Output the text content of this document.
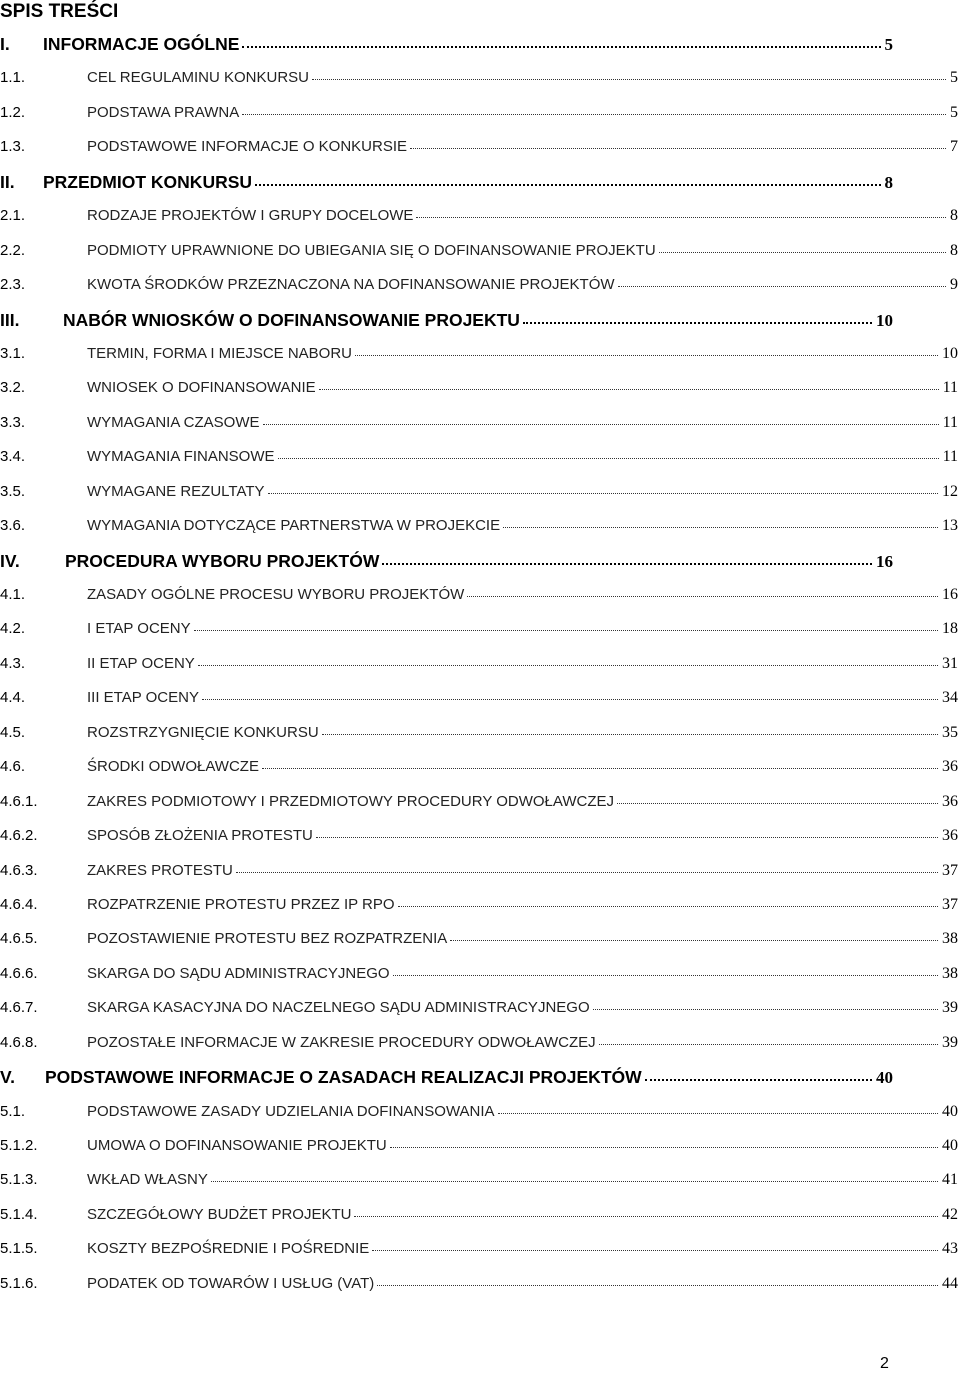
SPIS TREŚCI
I.	INFORMACJE OGÓLNE	5
1.1.	CEL REGULAMINU KONKURSU	5
1.2.	PODSTAWA PRAWNA	5
1.3.	PODSTAWOWE INFORMACJE O KONKURSIE	7
II.	PRZEDMIOT KONKURSU	8
2.1.	RODZAJE PROJEKTÓW I GRUPY DOCELOWE	8
2.2.	PODMIOTY UPRAWNIONE DO UBIEGANIA SIĘ O DOFINANSOWANIE PROJEKTU	8
2.3.	KWOTA ŚRODKÓW PRZEZNACZONA NA DOFINANSOWANIE PROJEKTÓW	9
III.	NABÓR WNIOSKÓW O DOFINANSOWANIE PROJEKTU	10
3.1.	TERMIN, FORMA I MIEJSCE NABORU	10
3.2.	WNIOSEK O DOFINANSOWANIE	11
3.3.	WYMAGANIA CZASOWE	11
3.4.	WYMAGANIA FINANSOWE	11
3.5.	WYMAGANE REZULTATY	12
3.6.	WYMAGANIA DOTYCZĄCE PARTNERSTWA W PROJEKCIE	13
IV.	PROCEDURA WYBORU PROJEKTÓW	16
4.1.	ZASADY OGÓLNE PROCESU WYBORU PROJEKTÓW	16
4.2.	I ETAP OCENY	18
4.3.	II ETAP OCENY	31
4.4.	III ETAP OCENY	34
4.5.	ROZSTRZYGNIĘCIE KONKURSU	35
4.6.	ŚRODKI ODWOŁAWCZE	36
4.6.1.	ZAKRES PODMIOTOWY I PRZEDMIOTOWY PROCEDURY ODWOŁAWCZEJ	36
4.6.2.	SPOSÓB ZŁOŻENIA PROTESTU	36
4.6.3.	ZAKRES PROTESTU	37
4.6.4.	ROZPATRZENIE PROTESTU PRZEZ IP RPO	37
4.6.5.	POZOSTAWIENIE PROTESTU BEZ ROZPATRZENIA	38
4.6.6.	SKARGA DO SĄDU ADMINISTRACYJNEGO	38
4.6.7.	SKARGA KASACYJNA DO NACZELNEGO SĄDU ADMINISTRACYJNEGO	39
4.6.8.	POZOSTAŁE INFORMACJE W ZAKRESIE PROCEDURY ODWOŁAWCZEJ	39
V.	PODSTAWOWE INFORMACJE O ZASADACH REALIZACJI PROJEKTÓW	40
5.1.	PODSTAWOWE ZASADY UDZIELANIA DOFINANSOWANIA	40
5.1.2.	UMOWA O DOFINANSOWANIE PROJEKTU	40
5.1.3.	WKŁAD WŁASNY	41
5.1.4.	SZCZEGÓŁOWY BUDŻET PROJEKTU	42
5.1.5.	KOSZTY BEZPOŚREDNIE I POŚREDNIE	43
5.1.6.	PODATEK OD TOWARÓW I USŁUG (VAT)	44
2
